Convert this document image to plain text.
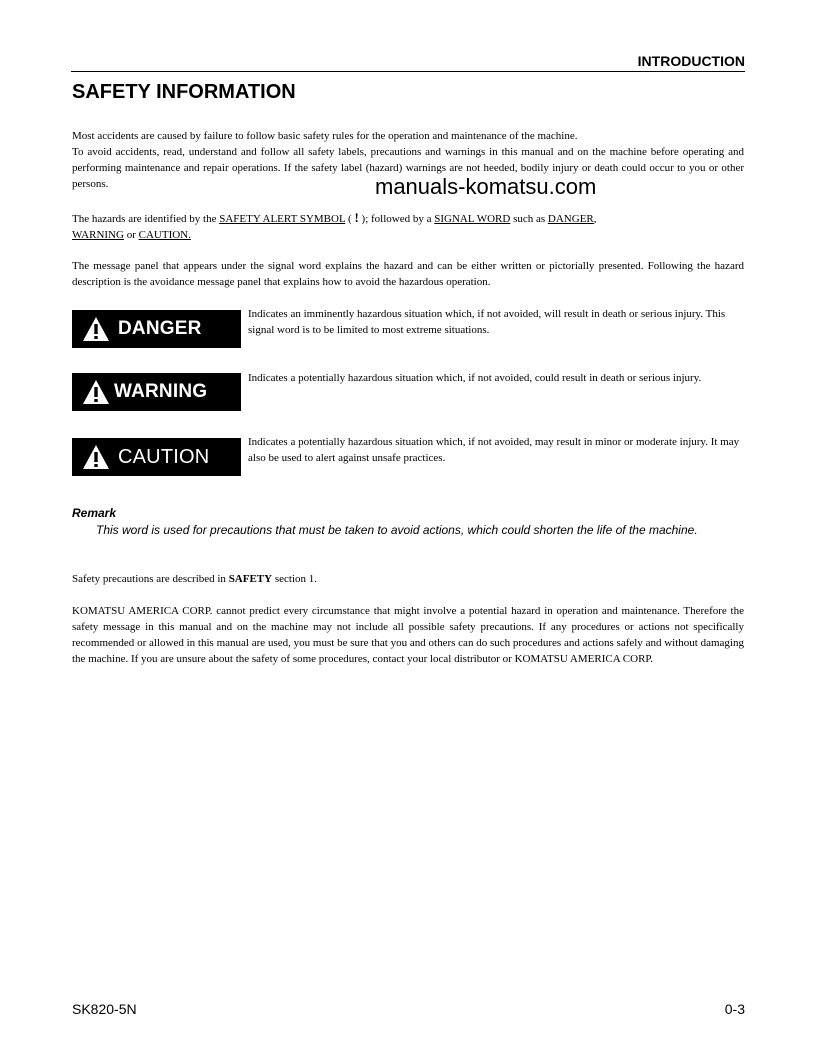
INTRODUCTION
SAFETY INFORMATION
Most accidents are caused by failure to follow basic safety rules for the operation and maintenance of the machine.
To avoid accidents, read, understand and follow all safety labels, precautions and warnings in this manual and on the machine before operating and performing maintenance and repair operations. If the safety label (hazard) warnings are not heeded, bodily injury or death could occur to you or other persons.	manuals-komatsu.com
The hazards are identified by the SAFETY ALERT SYMBOL ( ! ); followed by a SIGNAL WORD such as DANGER,
WARNING or CAUTION.
The message panel that appears under the signal word explains the hazard and can be either written or pictorially presented. Following the hazard description is the avoidance message panel that explains how to avoid the hazardous operation.
DANGER
Indicates an imminently hazardous situation which, if not avoided, will result in death or serious injury. This signal word is to be limited to most extreme situations.
WARNING
Indicates a potentially hazardous situation which, if not avoided, could result in death or serious injury.
CAUTION
Indicates a potentially hazardous situation which, if not avoided, may result in minor or moderate injury. It may also be used to alert against unsafe practices.
Remark
This word is used for precautions that must be taken to avoid actions, which could shorten the life of the machine.
Safety precautions are described in SAFETY section 1.
KOMATSU AMERICA CORP. cannot predict every circumstance that might involve a potential hazard in operation and maintenance. Therefore the safety message in this manual and on the machine may not include all possible safety precautions. If any procedures or actions not specifically recommended or allowed in this manual are used, you must be sure that you and others can do such procedures and actions safely and without damaging the machine. If you are unsure about the safety of some procedures, contact your local distributor or KOMATSU AMERICA CORP.
SK820-5N	0-3
